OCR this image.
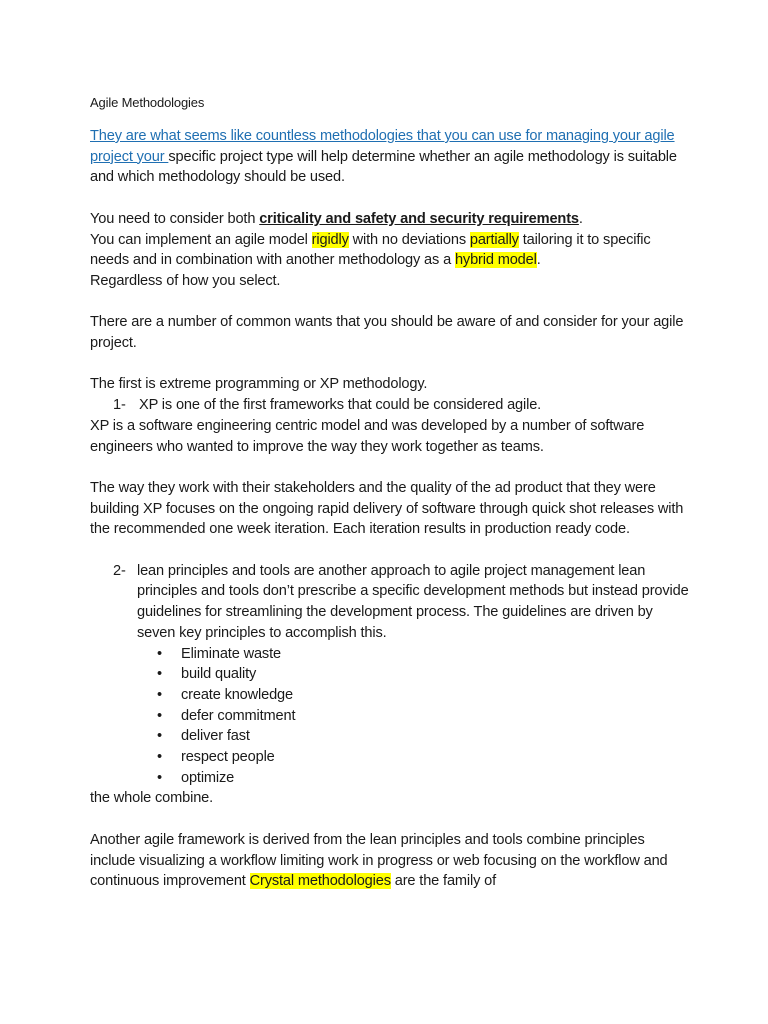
Agile Methodologies

They are what seems like countless methodologies that you can use for managing your agile project your specific project type will help determine whether an agile methodology is suitable and which methodology should be used.

You need to consider both criticality and safety and security requirements.
You can implement an agile model rigidly with no deviations partially tailoring it to specific needs and in combination with another methodology as a hybrid model.
Regardless of how you select.

There are a number of common wants that you should be aware of and consider for your agile project.

The first is extreme programming or XP methodology.

1- XP is one of the first frameworks that could be considered agile.

XP is a software engineering centric model and was developed by a number of software engineers who wanted to improve the way they work together as teams.

The way they work with their stakeholders and the quality of the ad product that they were building XP focuses on the ongoing rapid delivery of software through quick shot releases with the recommended one week iteration. Each iteration results in production ready code.

2- lean principles and tools are another approach to agile project management lean principles and tools don’t prescribe a specific development methods but instead provide guidelines for streamlining the development process. The guidelines are driven by seven key principles to accomplish this.
•	Eliminate waste
•	build quality
•	create knowledge
•	defer commitment
•	deliver fast
•	respect people
•	optimize

the whole combine.

Another agile framework is derived from the lean principles and tools combine principles include visualizing a workflow limiting work in progress or web focusing on the workflow and continuous improvement Crystal methodologies are the family of
